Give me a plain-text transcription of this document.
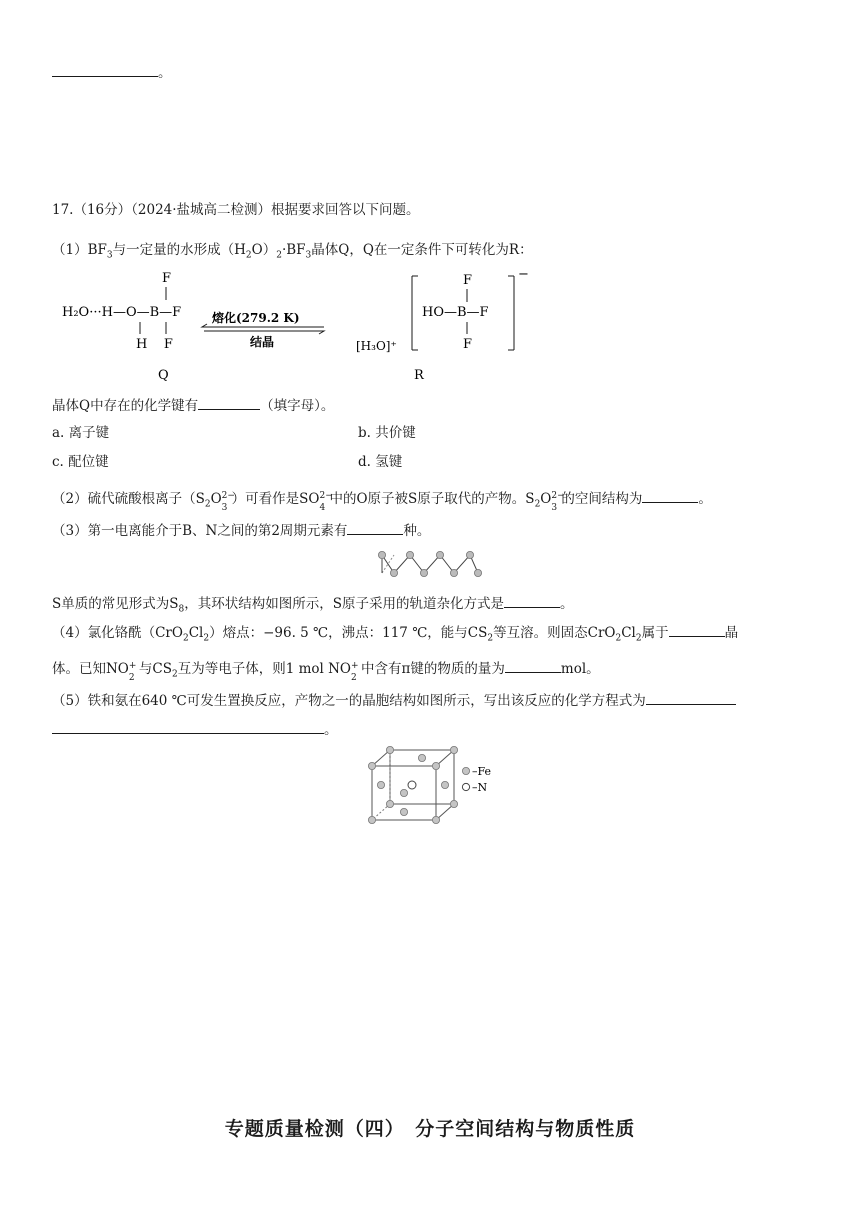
。
17.（16分）（2024·盐城高二检测）根据要求回答以下问题。
$(1)BF_3$与一定量的水形成$(H_2O)_2\cdot BF_3$晶体Q，Q在一定条件下可转化为R：
F
H₂O···H—O—B—F
H    F
Q
熔化(279.2 K)
结晶	[H₃O]⁺
F
HO—B—F
F
−
R
晶体Q中存在的化学键有	（填字母）。
a. 离子键	b. 共价键
c. 配位键	d. 氢键
（2）硫代硫酸根离子（$S_2O$ 2−
3
）可看作是SO 2−
4
中的O原子被S原子取代的产物。$S_2O$ 2−
3
的空间结构为	。
（3）第一电离能介于B、N之间的第2周期元素有	种。
S单质的常见形式为$S_8$，其环状结构如图所示，S原子采用的轨道杂化方式是	。
（4）氯化铬酰$(CrO_2Cl_2)$熔点：−96. 5 ℃，沸点：117 ℃，能与$CS_2$等互溶。则固态$CrO_2Cl_2$属于	晶
体。已知NO +
2
与$CS_2$互为等电子体，则1 mol NO +
2
中含有π键的物质的量为	mol。
（5）铁和氨在640 ℃可发生置换反应，产物之一的晶胞结构如图所示，写出该反应的化学方程式为
。
–Fe
–N
专题质量检测（四）　分子空间结构与物质性质
